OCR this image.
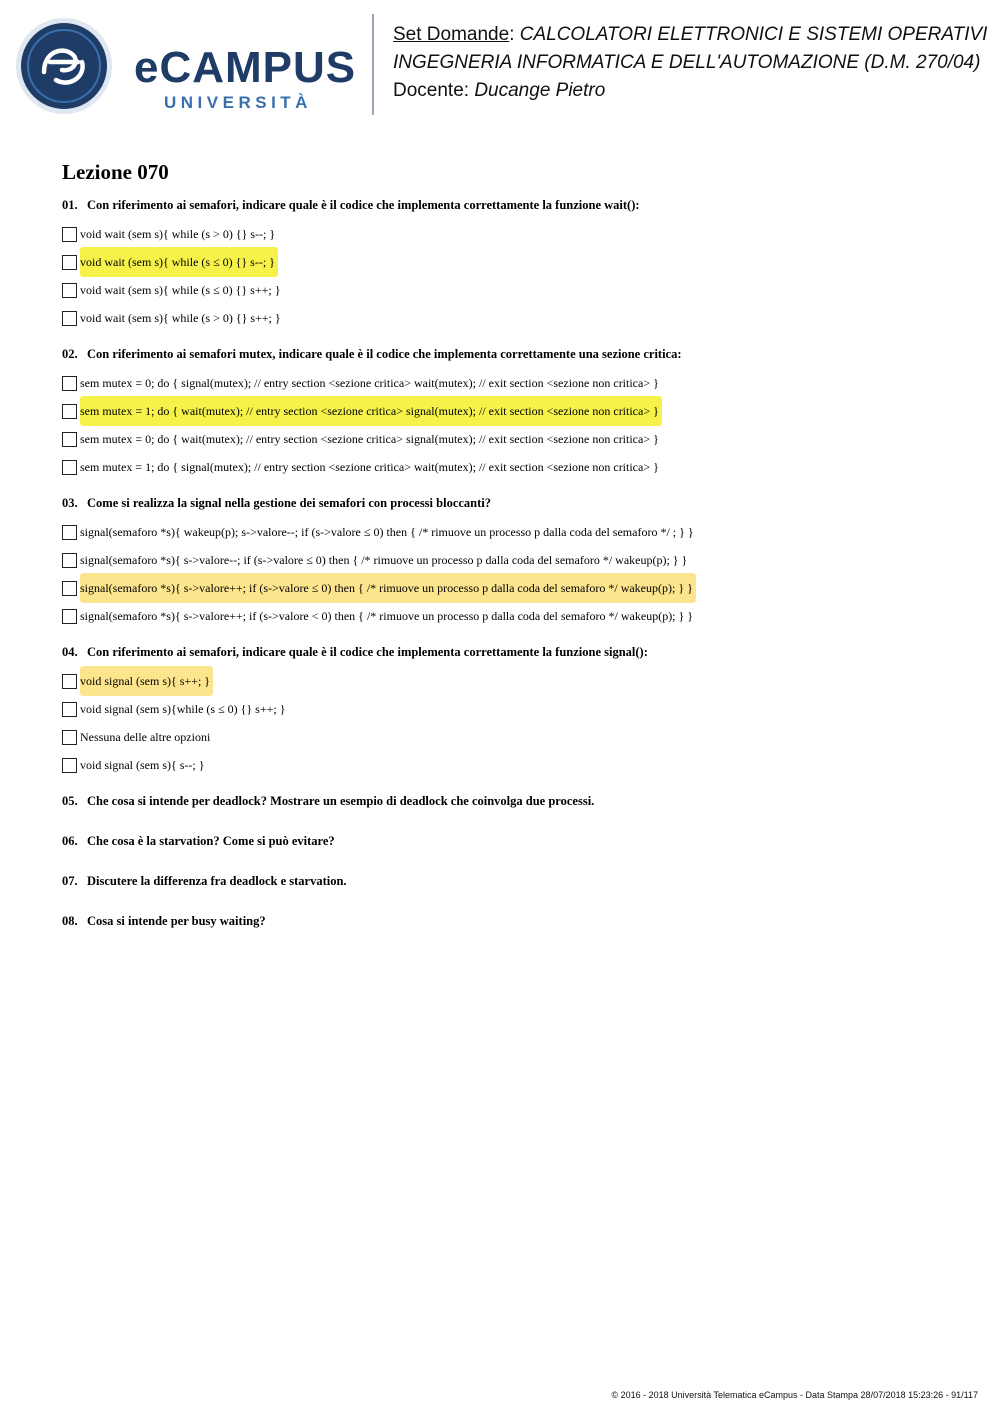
eCAMPUS
UNIVERSITÀ
Set Domande: CALCOLATORI ELETTRONICI E SISTEMI OPERATIVI
INGEGNERIA INFORMATICA E DELL'AUTOMAZIONE (D.M. 270/04)
Docente: Ducange Pietro
Lezione 070
01. Con riferimento ai semafori, indicare quale è il codice che implementa correttamente la funzione wait():
void wait (sem s){ while (s > 0) {} s--; }
void wait (sem s){ while (s ≤ 0) {} s--; }
void wait (sem s){ while (s ≤ 0) {} s++; }
void wait (sem s){ while (s > 0) {} s++; }
02. Con riferimento ai semafori mutex, indicare quale è il codice che implementa correttamente una sezione critica:
sem mutex = 0; do { signal(mutex); // entry section <sezione critica> wait(mutex); // exit section <sezione non critica> }
sem mutex = 1; do { wait(mutex); // entry section <sezione critica> signal(mutex); // exit section <sezione non critica> }
sem mutex = 0; do { wait(mutex); // entry section <sezione critica> signal(mutex); // exit section <sezione non critica> }
sem mutex = 1; do { signal(mutex); // entry section <sezione critica> wait(mutex); // exit section <sezione non critica> }
03. Come si realizza la signal nella gestione dei semafori con processi bloccanti?
signal(semaforo *s){ wakeup(p); s->valore--; if (s->valore ≤ 0) then { /* rimuove un processo p dalla coda del semaforo */ ; } }
signal(semaforo *s){ s->valore--; if (s->valore ≤ 0) then { /* rimuove un processo p dalla coda del semaforo */ wakeup(p); } }
signal(semaforo *s){ s->valore++; if (s->valore ≤ 0) then { /* rimuove un processo p dalla coda del semaforo */ wakeup(p); } }
signal(semaforo *s){ s->valore++; if (s->valore < 0) then { /* rimuove un processo p dalla coda del semaforo */ wakeup(p); } }
04. Con riferimento ai semafori, indicare quale è il codice che implementa correttamente la funzione signal():
void signal (sem s){ s++; }
void signal (sem s){while (s ≤ 0) {} s++; }
Nessuna delle altre opzioni
void signal (sem s){ s--; }
05. Che cosa si intende per deadlock? Mostrare un esempio di deadlock che coinvolga due processi.
06. Che cosa è la starvation? Come si può evitare?
07. Discutere la differenza fra deadlock e starvation.
08. Cosa si intende per busy waiting?
© 2016 - 2018 Università Telematica eCampus - Data Stampa 28/07/2018 15:23:26 - 91/117
